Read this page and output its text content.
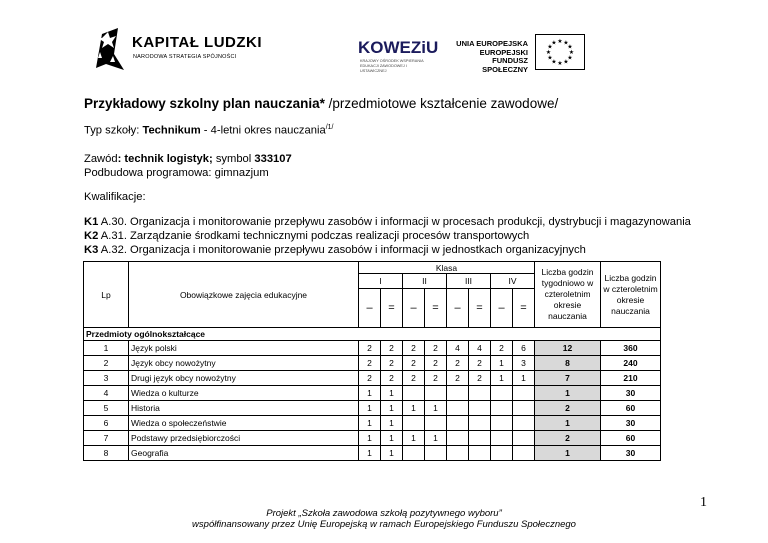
KAPITAŁ LUDZKI
NARODOWA STRATEGIA SPÓJNOŚCI	KOWEZiU
KRAJOWY OŚRODEK WSPIERANIA EDUKACJI ZAWODOWEJ I USTAWICZNEJ
UNIA EUROPEJSKA
EUROPEJSKI
FUNDUSZ SPOŁECZNY
★ ★
★
★
★
★
★
★
★
★
★
★
Przykładowy szkolny plan nauczania* /przedmiotowe kształcenie zawodowe/
Typ szkoły: Technikum - 4-letni okres nauczania$^{/1/}$
Zawód: technik logistyk; symbol 333107
Podbudowa programowa: gimnazjum
Kwalifikacje:
K1 A.30. Organizacja i monitorowanie przepływu zasobów i informacji w procesach produkcji, dystrybucji i magazynowania
K2 A.31. Zarządzanie środkami technicznymi podczas realizacji procesów transportowych
K3 A.32. Organizacja i monitorowanie przepływu zasobów i informacji w jednostkach organizacyjnych
Lp	Obowiązkowe zajęcia edukacyjne	Klasa								Liczba godzin tygodniowo w czteroletnim okresie nauczania	Liczba godzin w czteroletnim okresie nauczania
		I		II		III		IV			
		–	=	–	=	–	=	–	=		
Przedmioty ogólnokształcące											
1	Język polski	2	2	2	2	4	4	2	6	12	360
2	Język obcy nowożytny	2	2	2	2	2	2	1	3	8	240
3	Drugi język obcy nowożytny	2	2	2	2	2	2	1	1	7	210
4	Wiedza o kulturze	1	1							1	30
5	Historia	1	1	1	1					2	60
6	Wiedza o społeczeństwie	1	1							1	30
7	Podstawy przedsiębiorczości	1	1	1	1					2	60
8	Geografia	1	1							1	30
1
Projekt „Szkoła zawodowa szkołą pozytywnego wyboru”
współfinansowany przez Unię Europejską w ramach Europejskiego Funduszu Społecznego
